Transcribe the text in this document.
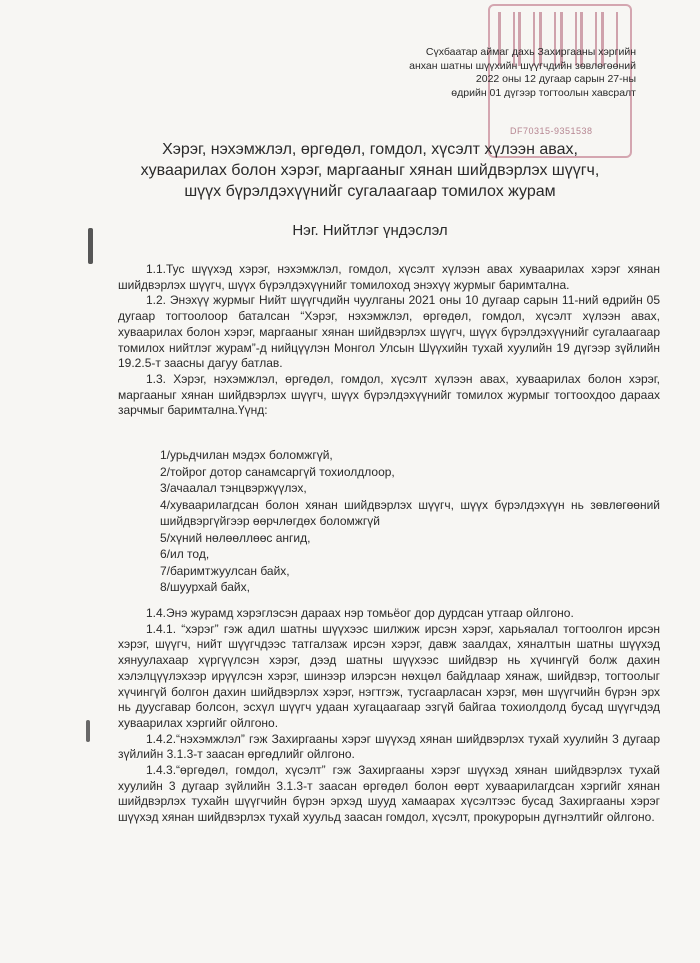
DF70315-9351538
Сүхбаатар аймаг дахь Захиргааны хэргийн
анхан шатны шүүхийн шүүгчдийн зөвлөгөөний
2022 оны 12 дугаар сарын 27-ны
өдрийн 01 дүгээр тогтоолын хавсралт
Хэрэг, нэхэмжлэл, өргөдөл, гомдол, хүсэлт хүлээн авах,
хуваарилах болон хэрэг, маргааныг хянан шийдвэрлэх шүүгч,
шүүх бүрэлдэхүүнийг сугалаагаар томилох журам
Нэг. Нийтлэг үндэслэл

1.1.Тус шүүхэд хэрэг, нэхэмжлэл, гомдол, хүсэлт хүлээн авах хуваарилах хэрэг хянан шийдвэрлэх шүүгч, шүүх бүрэлдэхүүнийг томилоход энэхүү журмыг баримтална.

1.2. Энэхүү журмыг Нийт шүүгчдийн чуулганы 2021 оны 10 дугаар сарын 11-ний өдрийн 05 дугаар тогтоолоор баталсан “Хэрэг, нэхэмжлэл, өргөдөл, гомдол, хүсэлт хүлээн авах, хуваарилах болон хэрэг, маргааныг хянан шийдвэрлэх шүүгч, шүүх бүрэлдэхүүнийг сугалаагаар томилох нийтлэг журам”-д нийцүүлэн Монгол Улсын Шүүхийн тухай хуулийн 19 дүгээр зүйлийн 19.2.5-т заасны дагуу батлав.

1.3. Хэрэг, нэхэмжлэл, өргөдөл, гомдол, хүсэлт хүлээн авах, хуваарилах болон хэрэг, маргааныг хянан шийдвэрлэх шүүгч, шүүх бүрэлдэхүүнийг томилох журмыг тогтоохдоо дараах зарчмыг баримтална.Үүнд:

1/урьдчилан мэдэх боломжгүй,
2/тойрог дотор санамсаргүй тохиолдлоор,
3/ачаалал тэнцвэржүүлэх,
4/хуваарилагдсан болон хянан шийдвэрлэх шүүгч, шүүх бүрэлдэхүүн нь зөвлөгөөний шийдвэргүйгээр өөрчлөгдөх боломжгүй
5/хүний нөлөөллөөс ангид,
6/ил тод,
7/баримтжуулсан байх,
8/шуурхай байх,

1.4.Энэ журамд хэрэглэсэн дараах нэр томьёог дор дурдсан утгаар ойлгоно.

1.4.1. “хэрэг” гэж адил шатны шүүхээс шилжиж ирсэн хэрэг, харьяалал тогтоолгон ирсэн хэрэг, шүүгч, нийт шүүгчдээс татгалзаж ирсэн хэрэг, давж заалдах, хяналтын шатны шүүхэд хянуулахаар хүргүүлсэн хэрэг, дээд шатны шүүхээс шийдвэр нь хүчингүй болж дахин хэлэлцүүлэхээр ирүүлсэн хэрэг, шинээр илэрсэн нөхцөл байдлаар хянаж, шийдвэр, тогтоолыг хүчингүй болгон дахин шийдвэрлэх хэрэг, нэгтгэж, тусгаарласан хэрэг, мөн шүүгчийн бүрэн эрх нь дуусгавар болсон, эсхүл шүүгч удаан хугацаагаар эзгүй байгаа тохиолдолд бусад шүүгчдэд хуваарилах хэргийг ойлгоно.

1.4.2.“нэхэмжлэл” гэж Захиргааны хэрэг шүүхэд хянан шийдвэрлэх тухай хуулийн 3 дугаар зүйлийн 3.1.3-т заасан өргөдлийг ойлгоно.

1.4.3.“өргөдөл, гомдол, хүсэлт” гэж Захиргааны хэрэг шүүхэд хянан шийдвэрлэх тухай хуулийн 3 дугаар зүйлийн 3.1.3-т заасан өргөдөл болон өөрт хуваарилагдсан хэргийг хянан шийдвэрлэх тухайн шүүгчийн бүрэн эрхэд шууд хамаарах хүсэлтээс бусад Захиргааны хэрэг шүүхэд хянан шийдвэрлэх тухай хуульд заасан гомдол, хүсэлт, прокурорын дүгнэлтийг ойлгоно.
